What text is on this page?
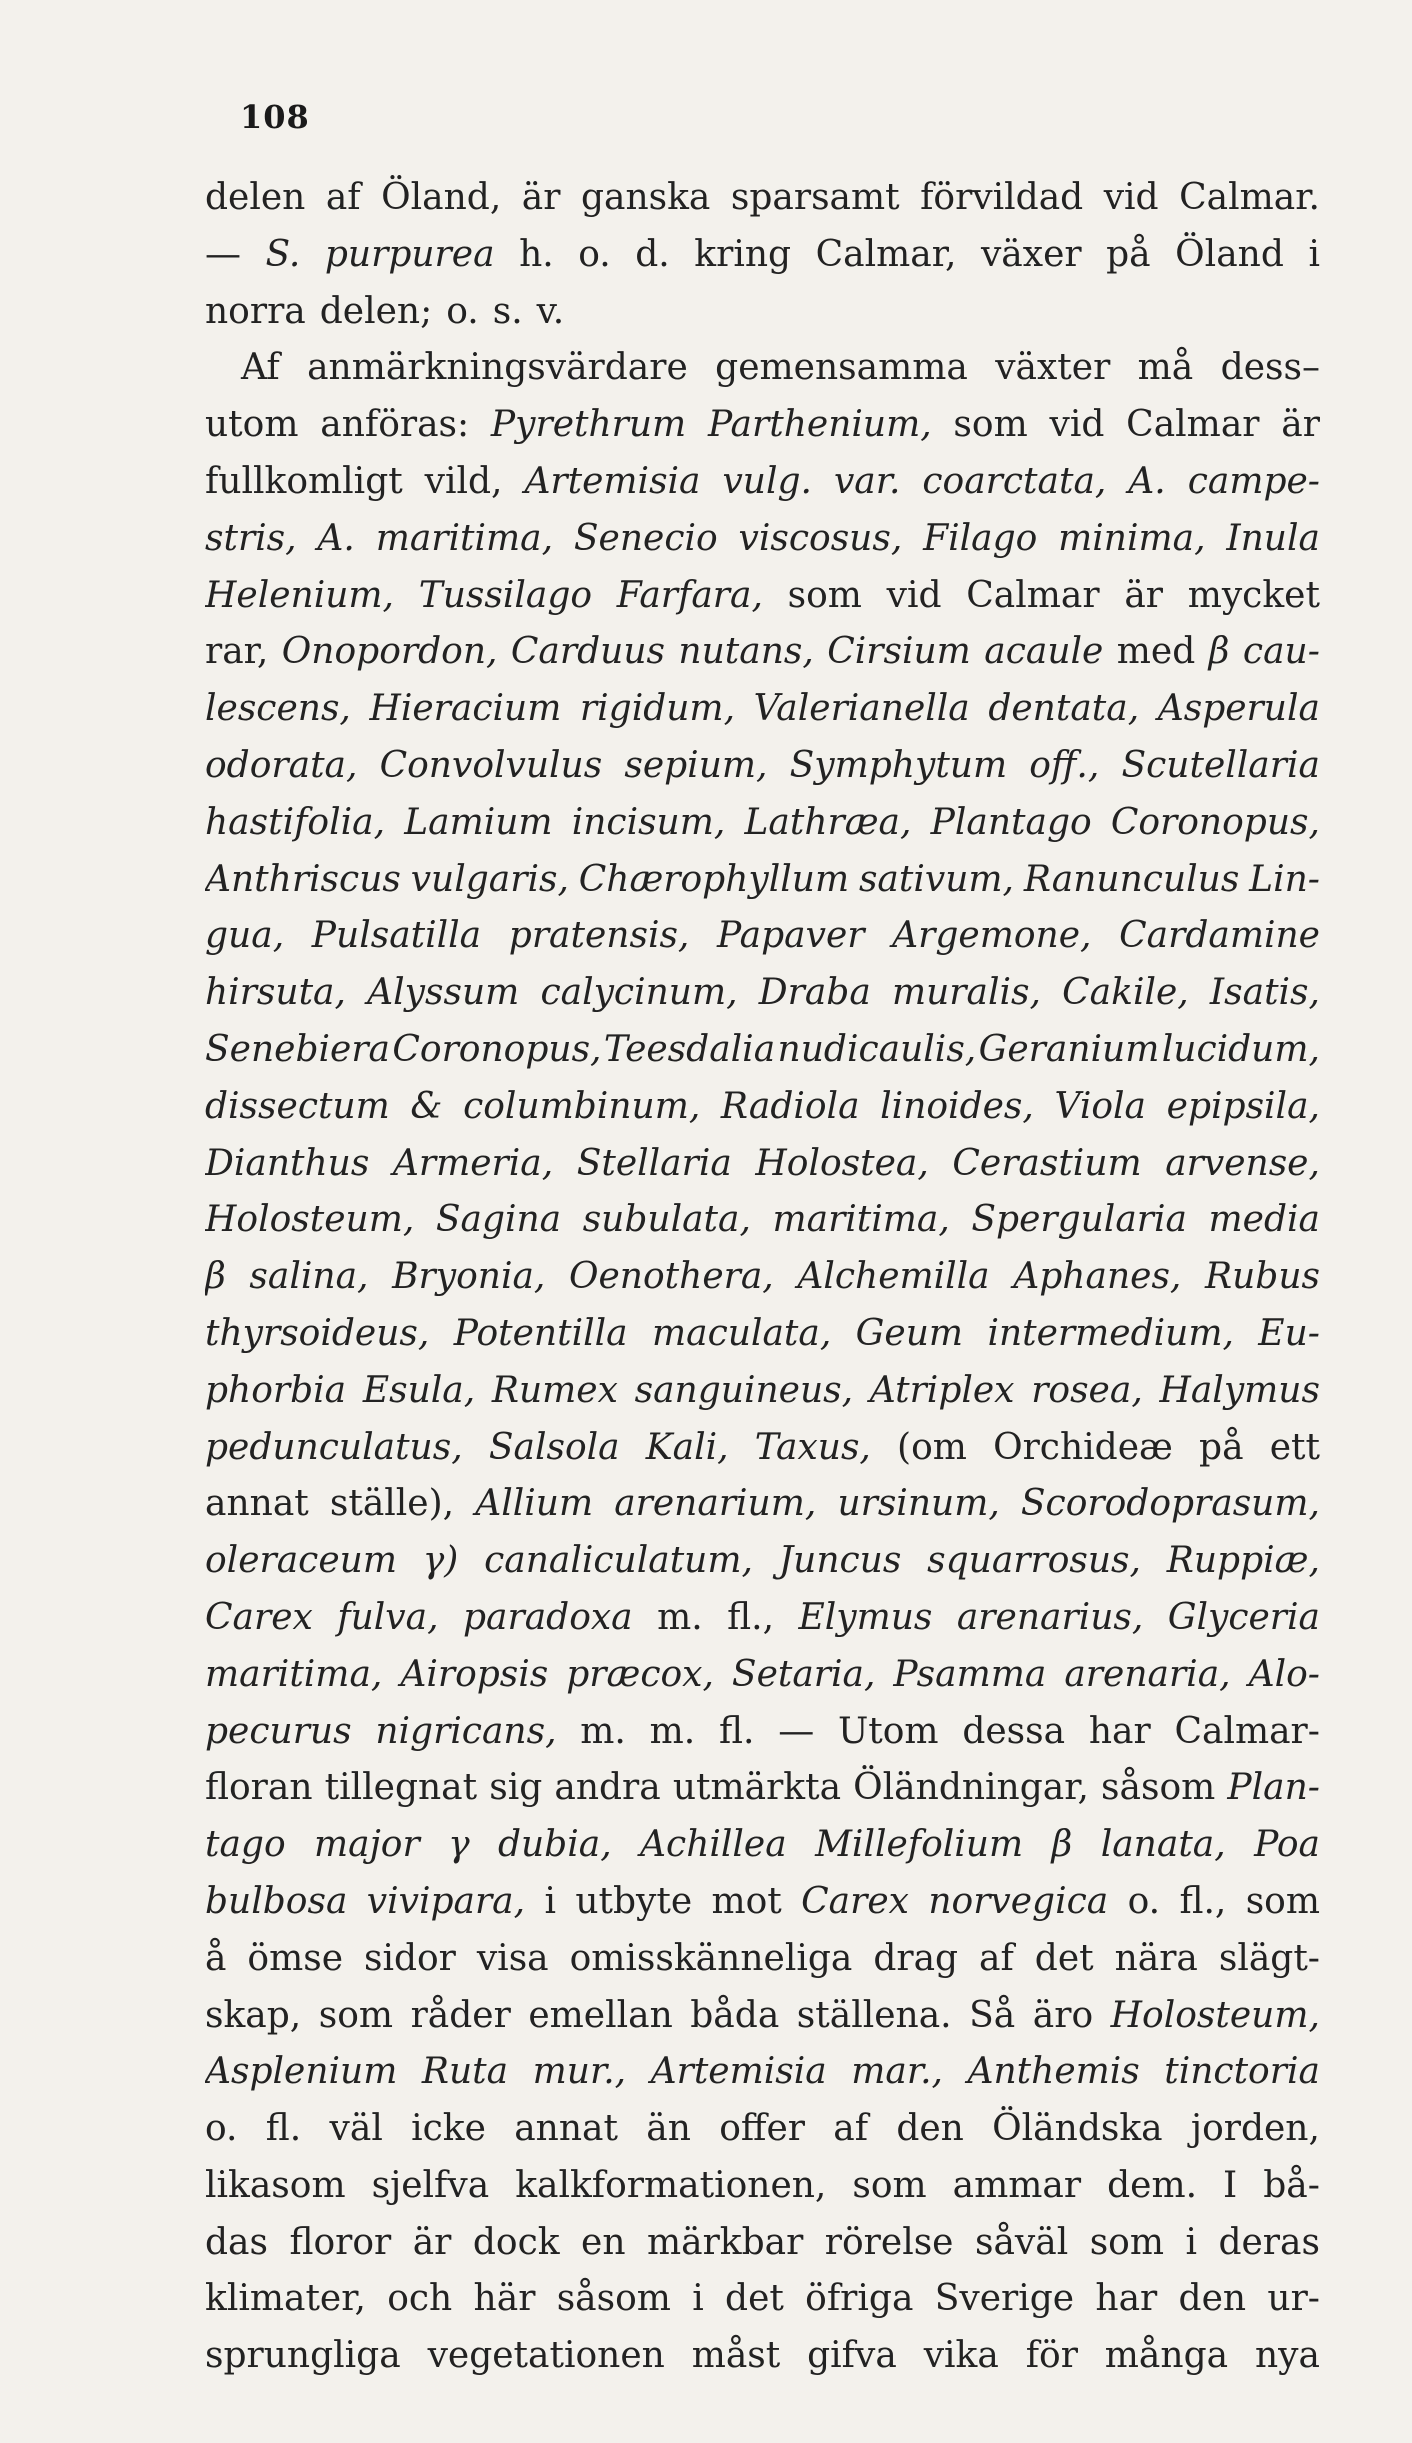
108
delen af Öland, är ganska sparsamt förvildad vid Calmar.
— S. purpurea h. o. d. kring Calmar, växer på Öland i
norra delen; o. s. v.
Af anmärkningsvärdare gemensamma växter må dess–
utom anföras: Pyrethrum Parthenium, som vid Calmar är
fullkomligt vild, Artemisia vulg. var. coarctata, A. campe-
stris, A. maritima, Senecio viscosus, Filago minima, Inula
Helenium, Tussilago Farfara, som vid Calmar är mycket
rar, Onopordon, Carduus nutans, Cirsium acaule med β cau-
lescens, Hieracium rigidum, Valerianella dentata, Asperula
odorata, Convolvulus sepium, Symphytum off., Scutellaria
hastifolia, Lamium incisum, Lathræa, Plantago Coronopus,
Anthriscus vulgaris, Chærophyllum sativum, Ranunculus Lin-
gua, Pulsatilla pratensis, Papaver Argemone, Cardamine
hirsuta, Alyssum calycinum, Draba muralis, Cakile, Isatis,
Senebiera Coronopus, Teesdalia nudicaulis, Geranium lucidum,
dissectum & columbinum, Radiola linoides, Viola epipsila,
Dianthus Armeria, Stellaria Holostea, Cerastium arvense,
Holosteum, Sagina subulata, maritima, Spergularia media
β salina, Bryonia, Oenothera, Alchemilla Aphanes, Rubus
thyrsoideus, Potentilla maculata, Geum intermedium, Eu-
phorbia Esula, Rumex sanguineus, Atriplex rosea, Halymus
pedunculatus, Salsola Kali, Taxus, (om Orchideæ på ett
annat ställe), Allium arenarium, ursinum, Scorodoprasum,
oleraceum γ) canaliculatum, Juncus squarrosus, Ruppiæ,
Carex fulva, paradoxa m. fl., Elymus arenarius, Glyceria
maritima, Airopsis præcox, Setaria, Psamma arenaria, Alo-
pecurus nigricans, m. m. fl. — Utom dessa har Calmar-
floran tillegnat sig andra utmärkta Öländningar, såsom Plan-
tago major γ dubia, Achillea Millefolium β lanata, Poa
bulbosa vivipara, i utbyte mot Carex norvegica o. fl., som
å ömse sidor visa omisskänneliga drag af det nära slägt-
skap, som råder emellan båda ställena. Så äro Holosteum,
Asplenium Ruta mur., Artemisia mar., Anthemis tinctoria
o. fl. väl icke annat än offer af den Öländska jorden,
likasom sjelfva kalkformationen, som ammar dem. I bå-
das floror är dock en märkbar rörelse såväl som i deras
klimater, och här såsom i det öfriga Sverige har den ur-
sprungliga vegetationen måst gifva vika för många nya
